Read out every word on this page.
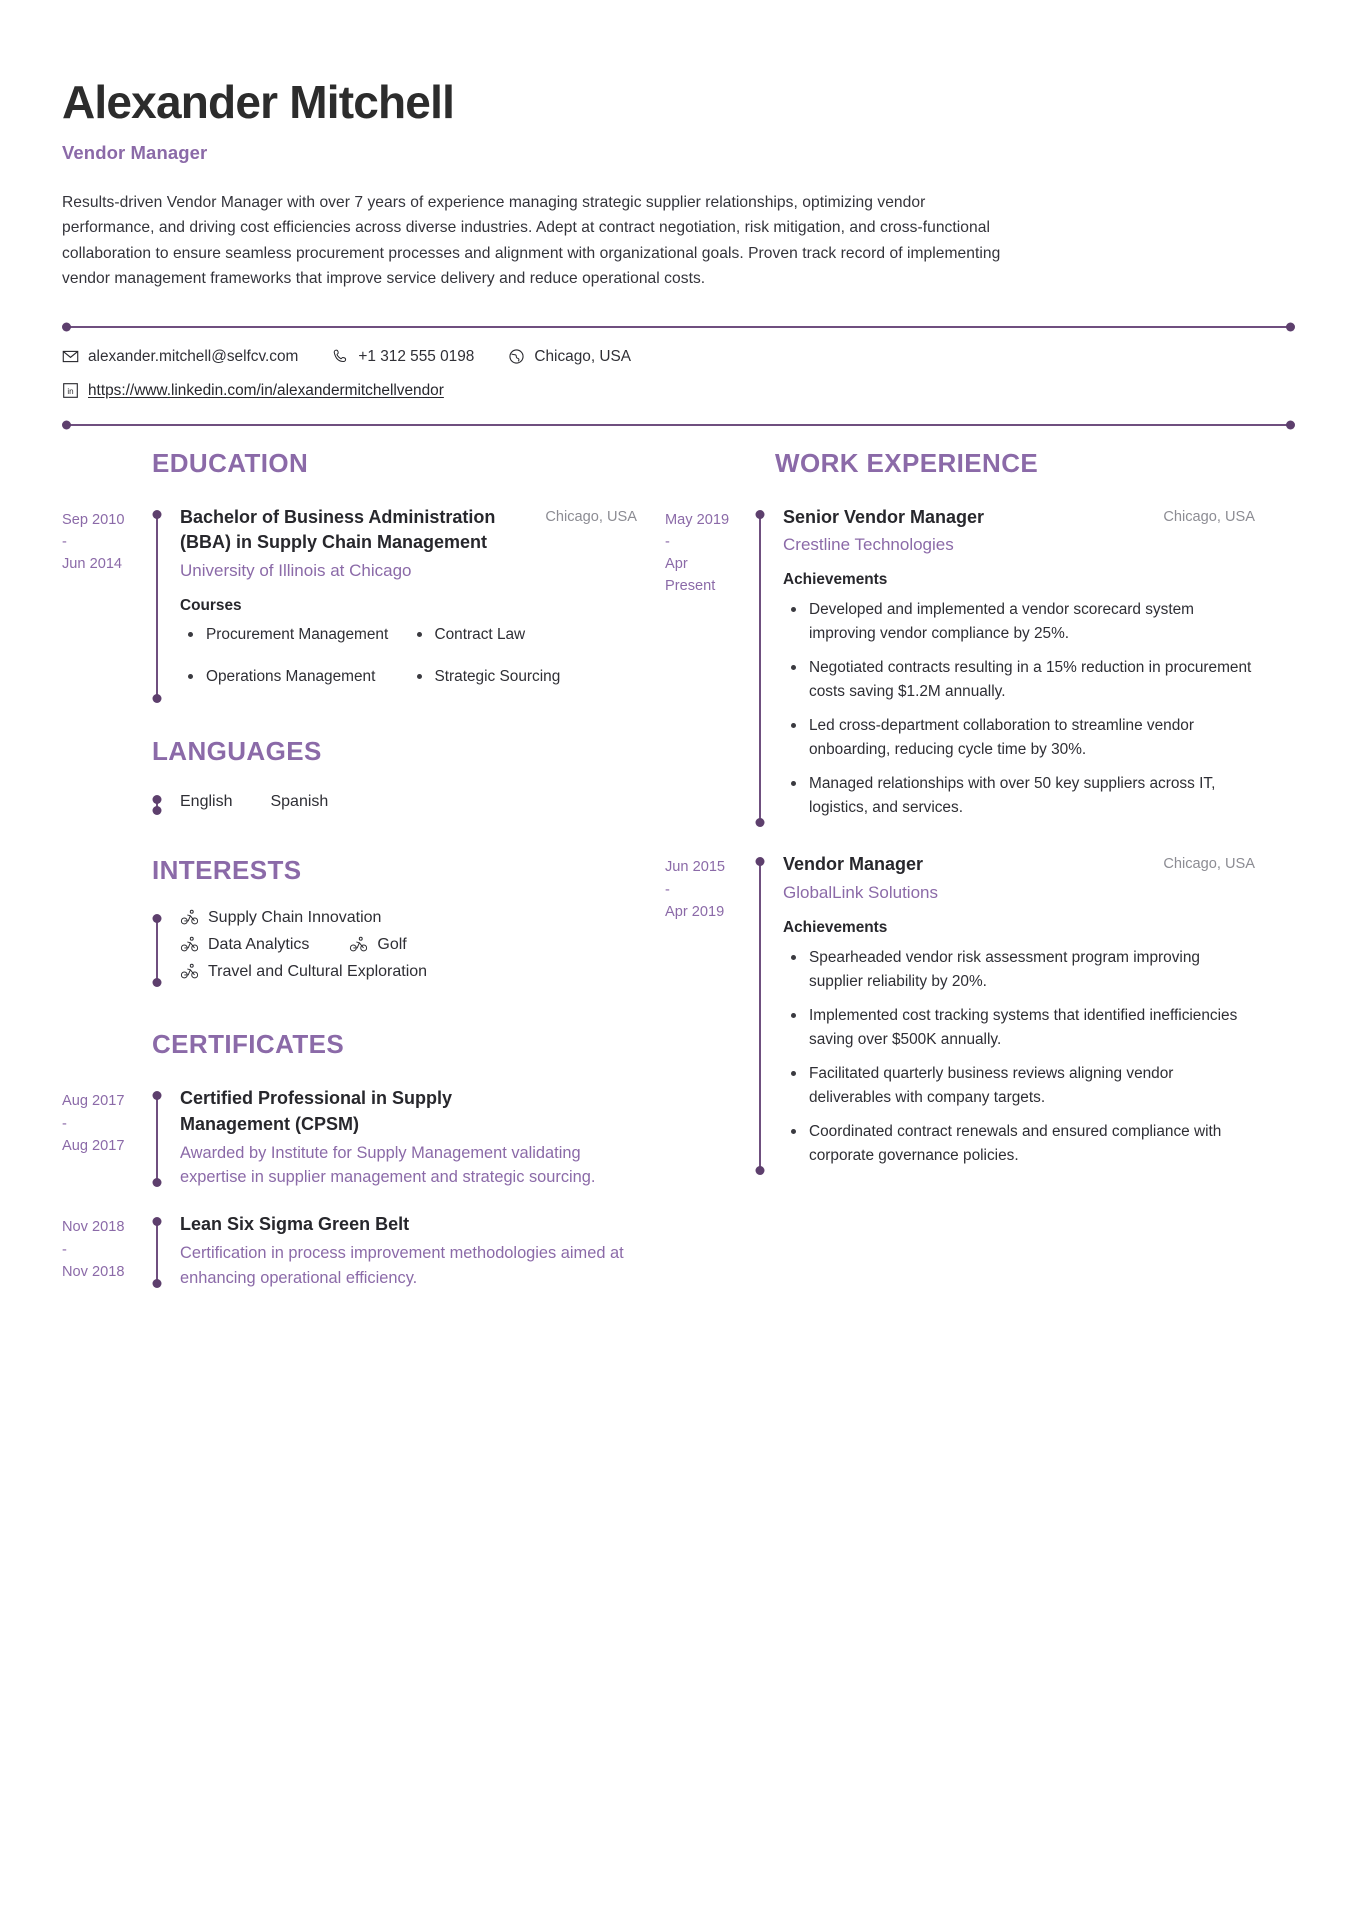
Alexander Mitchell
Vendor Manager

Results-driven Vendor Manager with over 7 years of experience managing strategic supplier relationships, optimizing vendor performance, and driving cost efficiencies across diverse industries. Adept at contract negotiation, risk mitigation, and cross-functional collaboration to ensure seamless procurement processes and alignment with organizational goals. Proven track record of implementing vendor management frameworks that improve service delivery and reduce operational costs.

alexander.mitchell@selfcv.com	+1 312 555 0198	Chicago, USA
in https://www.linkedin.com/in/alexandermitchellvendor
EDUCATION
Sep 2010
-
Jun 2014
Bachelor of Business Administration (BBA) in Supply Chain Management
Chicago, USA
University of Illinois at Chicago
Courses
Procurement Management	Contract Law
Operations Management	Strategic Sourcing
LANGUAGES
English Spanish
INTERESTS
Supply Chain Innovation
Data Analytics	Golf
Travel and Cultural Exploration
CERTIFICATES
Aug 2017
-
Aug 2017
Certified Professional in Supply Management (CPSM)
Awarded by Institute for Supply Management validating expertise in supplier management and strategic sourcing.
Nov 2018
-
Nov 2018
Lean Six Sigma Green Belt
Certification in process improvement methodologies aimed at enhancing operational efficiency.
WORK EXPERIENCE
May 2019
-
Apr
Present
Senior Vendor Manager	Chicago, USA
Crestline Technologies
Achievements
Developed and implemented a vendor scorecard system improving vendor compliance by 25%.
Negotiated contracts resulting in a 15% reduction in procurement costs saving $1.2M annually.
Led cross-department collaboration to streamline vendor onboarding, reducing cycle time by 30%.
Managed relationships with over 50 key suppliers across IT, logistics, and services.
Jun 2015
-
Apr 2019
Vendor Manager	Chicago, USA
GlobalLink Solutions
Achievements
Spearheaded vendor risk assessment program improving supplier reliability by 20%.
Implemented cost tracking systems that identified inefficiencies saving over $500K annually.
Facilitated quarterly business reviews aligning vendor deliverables with company targets.
Coordinated contract renewals and ensured compliance with corporate governance policies.
